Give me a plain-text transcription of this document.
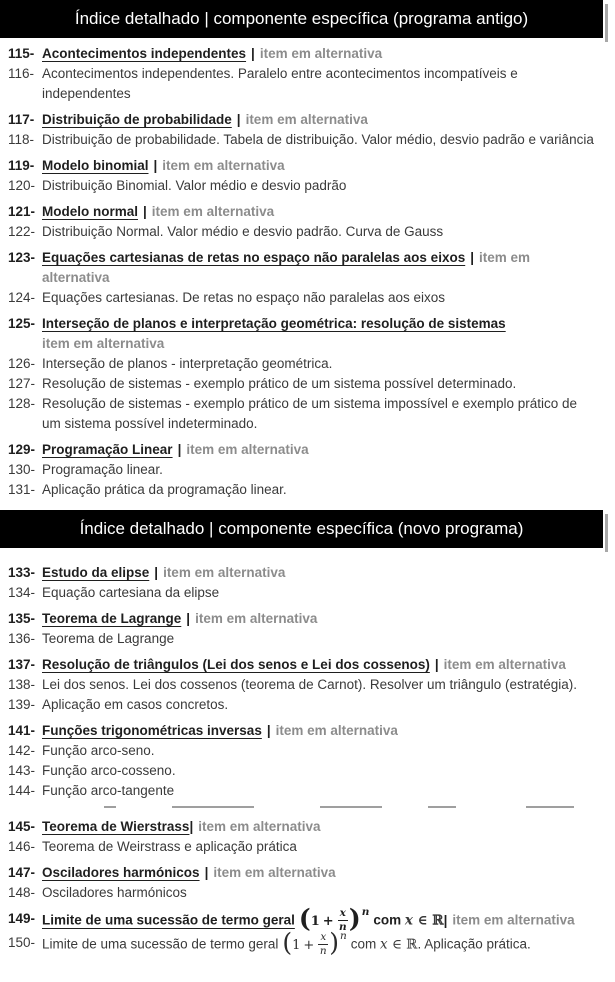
Índice detalhado | componente específica (programa antigo)
115- Acontecimentos independentes | item em alternativa
116- Acontecimentos independentes. Paralelo entre acontecimentos incompatíveis e independentes
117- Distribuição de probabilidade | item em alternativa
118- Distribuição de probabilidade. Tabela de distribuição. Valor médio, desvio padrão e variância
119- Modelo binomial | item em alternativa
120- Distribuição Binomial. Valor médio e desvio padrão
121- Modelo normal | item em alternativa
122- Distribuição Normal. Valor médio e desvio padrão. Curva de Gauss
123- Equações cartesianas de retas no espaço não paralelas aos eixos | item em alternativa
124- Equações cartesianas. De retas no espaço não paralelas aos eixos
125- Interseção de planos e interpretação geométrica: resolução de sistemas
item em alternativa
126- Interseção de planos - interpretação geométrica.
127- Resolução de sistemas - exemplo prático de um sistema possível determinado.
128- Resolução de sistemas - exemplo prático de um sistema impossível e exemplo prático de um sistema possível indeterminado.
129- Programação Linear | item em alternativa
130- Programação linear.
131- Aplicação prática da programação linear.
Índice detalhado | componente específica (novo programa)
133- Estudo da elipse | item em alternativa
134- Equação cartesiana da elipse
135- Teorema de Lagrange | item em alternativa
136- Teorema de Lagrange
137- Resolução de triângulos (Lei dos senos e Lei dos cossenos) | item em alternativa
138- Lei dos senos. Lei dos cossenos (teorema de Carnot). Resolver um triângulo (estratégia).
139- Aplicação em casos concretos.
141- Funções trigonométricas inversas | item em alternativa
142- Função arco-seno.
143- Função arco-cosseno.
144- Função arco-tangente
145- Teorema de Wierstrass| item em alternativa
146- Teorema de Weirstrass e aplicação prática
147- Osciladores harmónicos | item em alternativa
148- Osciladores harmónicos
149- Limite de uma sucessão de termo geral $(1 + \frac{x}{n} )^ncom$ x ∈ ℝ| item em alternativa
150- Limite de uma sucessão de termo geral $(1 + \frac{x}{n} )^ncom$ x ∈ ℝ. Aplicação prática.
